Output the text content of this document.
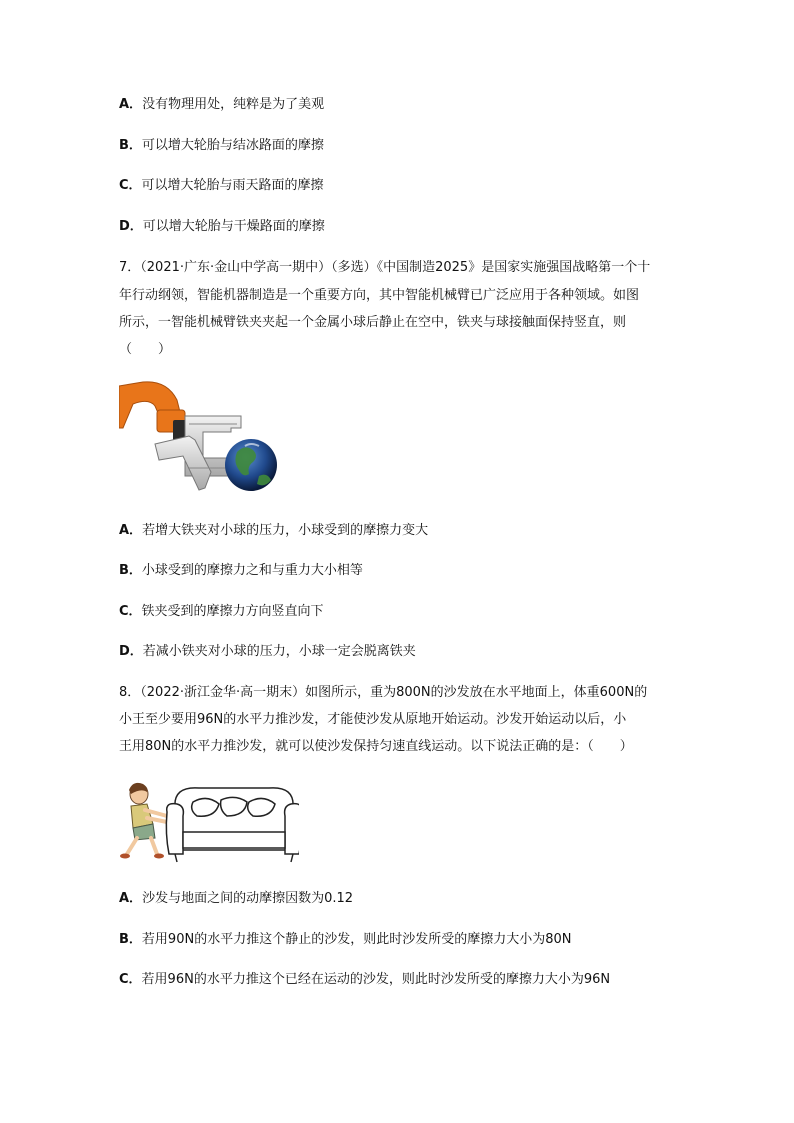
A．没有物理用处，纯粹是为了美观
B．可以增大轮胎与结冰路面的摩擦
C．可以增大轮胎与雨天路面的摩擦
D．可以增大轮胎与干燥路面的摩擦
7．（2021·广东·金山中学高一期中）（多选）《中国制造2025》是国家实施强国战略第一个十
年行动纲领，智能机器制造是一个重要方向，其中智能机械臂已广泛应用于各种领域。如图
所示，一智能机械臂铁夹夹起一个金属小球后静止在空中，铁夹与球接触面保持竖直，则
（　　）
A．若增大铁夹对小球的压力，小球受到的摩擦力变大
B．小球受到的摩擦力之和与重力大小相等
C．铁夹受到的摩擦力方向竖直向下
D．若减小铁夹对小球的压力，小球一定会脱离铁夹
8．（2022·浙江金华·高一期末）如图所示，重为800N的沙发放在水平地面上，体重600N的
小王至少要用96N的水平力推沙发，才能使沙发从原地开始运动。沙发开始运动以后，小
王用80N的水平力推沙发，就可以使沙发保持匀速直线运动。以下说法正确的是：（　　）
A．沙发与地面之间的动摩擦因数为0.12
B．若用90N的水平力推这个静止的沙发，则此时沙发所受的摩擦力大小为80N
C．若用96N的水平力推这个已经在运动的沙发，则此时沙发所受的摩擦力大小为96N
